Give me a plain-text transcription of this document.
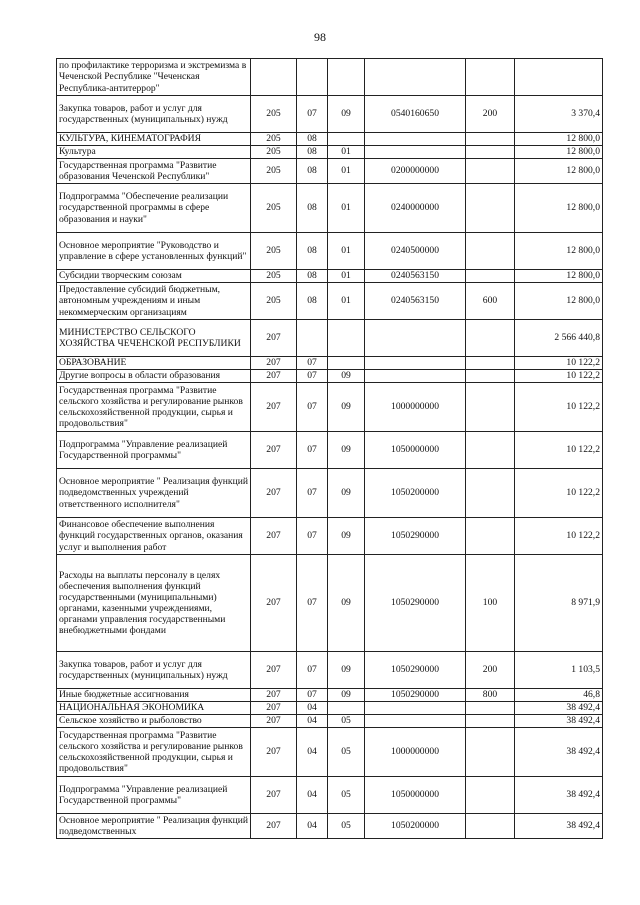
98
по профилактике терроризма и экстремизма в Чеченской Республике "Чеченская Республика-антитеррор"						
Закупка товаров, работ и услуг для государственных (муниципальных) нужд	205	07	09	0540160650	200	3 370,4
КУЛЬТУРА, КИНЕМАТОГРАФИЯ	205	08				12 800,0
Культура	205	08	01			12 800,0
Государственная программа "Развитие образования Чеченской Республики"	205	08	01	0200000000		12 800,0
Подпрограмма "Обеспечение реализации государственной программы в сфере образования и науки"	205	08	01	0240000000		12 800,0
Основное мероприятие "Руководство и управление в сфере установленных функций"	205	08	01	0240500000		12 800,0
Субсидии творческим союзам	205	08	01	0240563150		12 800,0
Предоставление субсидий бюджетным, автономным учреждениям и иным некоммерческим организациям	205	08	01	0240563150	600	12 800,0
МИНИСТЕРСТВО СЕЛЬСКОГО ХОЗЯЙСТВА ЧЕЧЕНСКОЙ РЕСПУБЛИКИ	207					2 566 440,8
ОБРАЗОВАНИЕ	207	07				10 122,2
Другие вопросы в области образования	207	07	09			10 122,2
Государственная программа "Развитие сельского хозяйства и регулирование рынков сельскохозяйственной продукции, сырья и продовольствия"	207	07	09	1000000000		10 122,2
Подпрограмма "Управление реализацией Государственной программы"	207	07	09	1050000000		10 122,2
Основное мероприятие " Реализация функций подведомственных учреждений ответственного исполнителя"	207	07	09	1050200000		10 122,2
Финансовое обеспечение выполнения функций государственных органов, оказания услуг и выполнения работ	207	07	09	1050290000		10 122,2
Расходы на выплаты персоналу в целях обеспечения выполнения функций государственными (муниципальными) органами, казенными учреждениями, органами управления государственными внебюджетными фондами	207	07	09	1050290000	100	8 971,9
Закупка товаров, работ и услуг для государственных (муниципальных) нужд	207	07	09	1050290000	200	1 103,5
Иные бюджетные ассигнования	207	07	09	1050290000	800	46,8
НАЦИОНАЛЬНАЯ ЭКОНОМИКА	207	04				38 492,4
Сельское хозяйство и рыболовство	207	04	05			38 492,4
Государственная программа "Развитие сельского хозяйства и регулирование рынков сельскохозяйственной продукции, сырья и продовольствия"	207	04	05	1000000000		38 492,4
Подпрограмма "Управление реализацией Государственной программы"	207	04	05	1050000000		38 492,4
Основное мероприятие " Реализация функций подведомственных	207	04	05	1050200000		38 492,4
